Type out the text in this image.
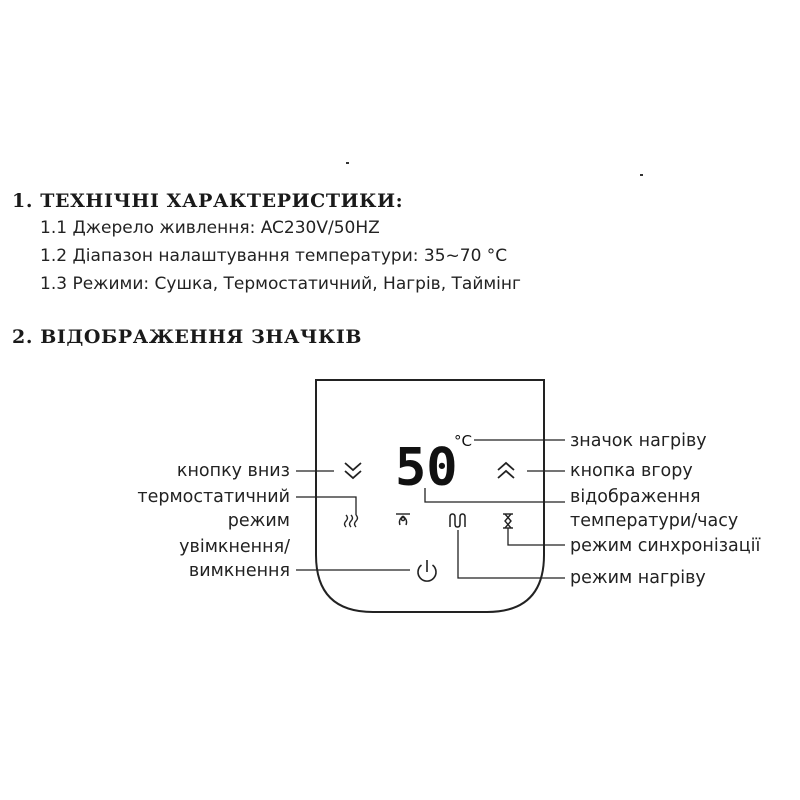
1. ТЕХНІЧНІ ХАРАКТЕРИСТИКИ:
1.1 Джерело живлення: AC230V/50HZ
1.2 Діапазон налаштування температури: 35~70 °C
1.3 Режими: Сушка, Термостатичний, Нагрів, Таймінг
2. ВІДОБРАЖЕННЯ ЗНАЧКІВ
50
°C
кнопку вниз
термостатичний
режим
увімкнення/
вимкнення
значок нагріву
кнопка вгору
відображення
температури/часу
режим синхронізації
режим нагріву
